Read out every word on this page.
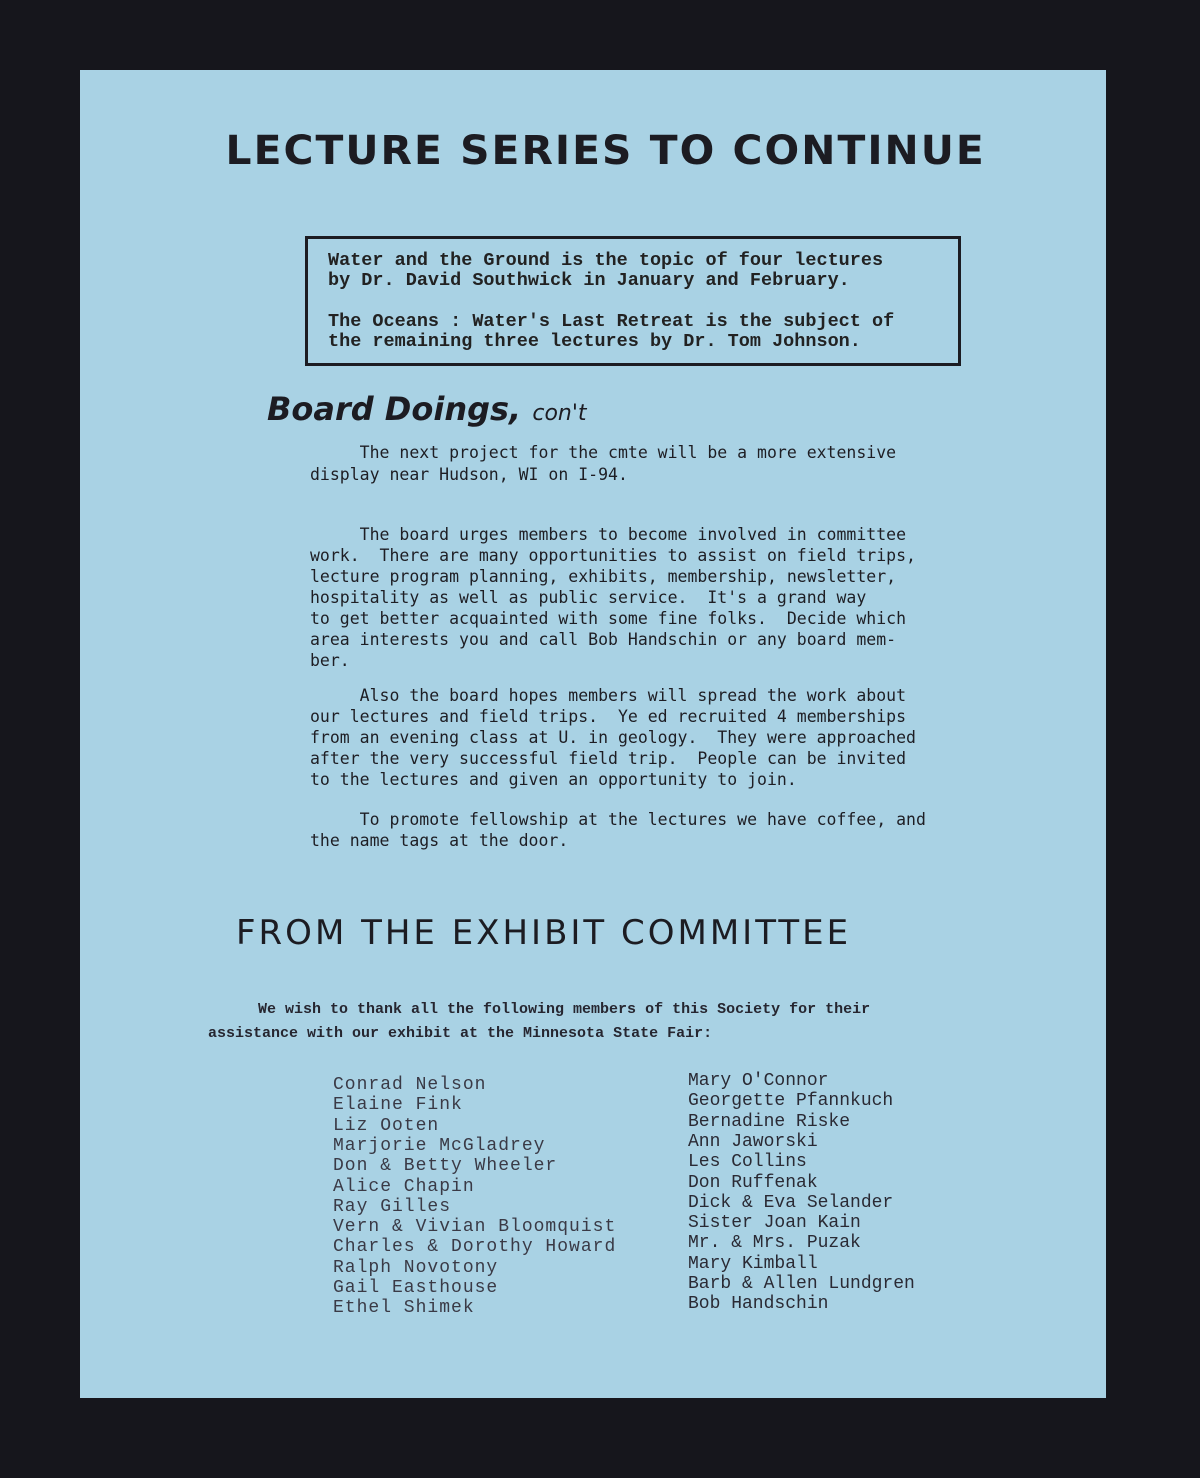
LECTURE SERIES TO CONTINUE
Water and the Ground is the topic of four lectures
by Dr. David Southwick in January and February.
The Oceans : Water's Last Retreat is the subject of
the remaining three lectures by Dr. Tom Johnson.
Board Doings, con't
The next project for the cmte will be a more extensive
display near Hudson, WI on I-94.
The board urges members to become involved in committee
work.  There are many opportunities to assist on field trips,
lecture program planning, exhibits, membership, newsletter,
hospitality as well as public service.  It's a grand way
to get better acquainted with some fine folks.  Decide which
area interests you and call Bob Handschin or any board mem-
ber.
Also the board hopes members will spread the work about
our lectures and field trips.  Ye ed recruited 4 memberships
from an evening class at U. in geology.  They were approached
after the very successful field trip.  People can be invited
to the lectures and given an opportunity to join.
To promote fellowship at the lectures we have coffee, and
the name tags at the door.
FROM THE EXHIBIT COMMITTEE
We wish to thank all the following members of this Society for their
assistance with our exhibit at the Minnesota State Fair:
Conrad Nelson
Elaine Fink
Liz Ooten
Marjorie McGladrey
Don & Betty Wheeler
Alice Chapin
Ray Gilles
Vern & Vivian Bloomquist
Charles & Dorothy Howard
Ralph Novotony
Gail Easthouse
Ethel Shimek
Mary O'Connor
Georgette Pfannkuch
Bernadine Riske
Ann Jaworski
Les Collins
Don Ruffenak
Dick & Eva Selander
Sister Joan Kain
Mr. & Mrs. Puzak
Mary Kimball
Barb & Allen Lundgren
Bob Handschin
